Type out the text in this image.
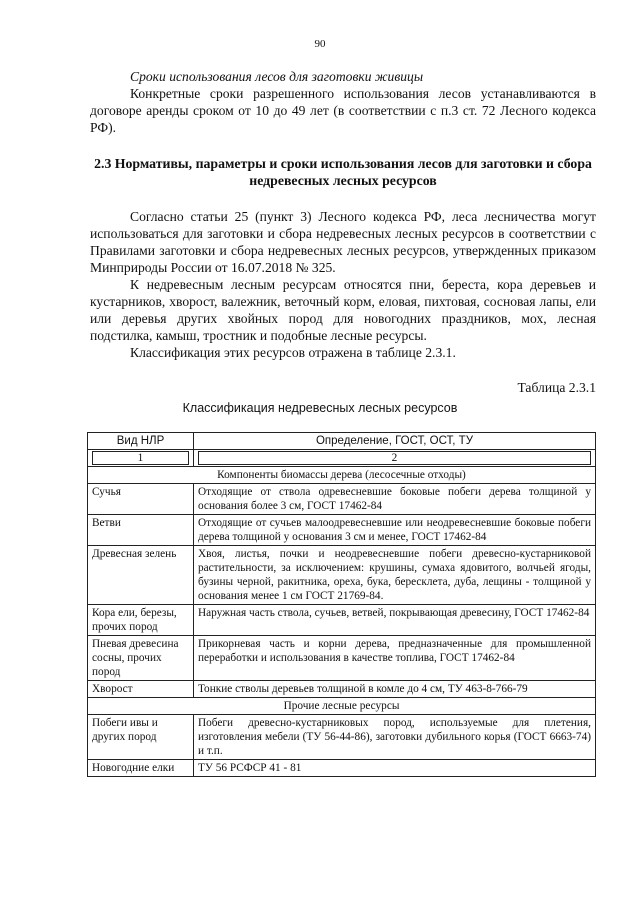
90

Сроки использования лесов для заготовки живицы

Конкретные сроки разрешенного использования лесов устанавливаются в договоре аренды сроком от 10 до 49 лет (в соответствии с п.3 ст. 72 Лесного кодекса РФ).

2.3 Нормативы, параметры и сроки использования лесов для заготовки и сбора недревесных лесных ресурсов

Согласно статьи 25 (пункт 3) Лесного кодекса РФ, леса лесничества могут использоваться для заготовки и сбора недревесных лесных ресурсов в соответствии с Правилами заготовки и сбора недревесных лесных ресурсов, утвержденных приказом Минприроды России от 16.07.2018 № 325.

К недревесным лесным ресурсам относятся пни, береста, кора деревьев и кустарников, хворост, валежник, веточный корм, еловая, пихтовая, сосновая лапы, ели или деревья других хвойных пород для новогодних праздников, мох, лесная подстилка, камыш, тростник и подобные лесные ресурсы.

Классификация этих ресурсов отражена в таблице 2.3.1.

Таблица 2.3.1
Классификация недревесных лесных ресурсов
Вид НЛР	Определение, ГОСТ, ОСТ, ТУ

1	2

Компоненты биомассы дерева (лесосечные отходы)	
Сучья	Отходящие от ствола одревесневшие боковые побеги дерева толщиной у основания более 3 см, ГОСТ 17462-84
Ветви	Отходящие от сучьев малоодревесневшие или неодревесневшие боковые побеги дерева толщиной у основания 3 см и менее, ГОСТ 17462-84
Древесная зелень	Хвоя, листья, почки и неодревесневшие побеги древесно-кустарниковой растительности, за исключением: крушины, сумаха ядовитого, волчьей ягоды, бузины черной, ракитника, ореха, бука, бересклета, дуба, лещины - толщиной у основания менее 1 см ГОСТ 21769-84.
Кора ели, березы, прочих пород	Наружная часть ствола, сучьев, ветвей, покрывающая древесину, ГОСТ 17462-84
Пневая древесина сосны, прочих пород	Прикорневая часть и корни дерева, предназначенные для промышленной переработки и использования в качестве топлива, ГОСТ 17462-84
Хворост	Тонкие стволы деревьев толщиной в комле до 4 см, ТУ 463-8-766-79
Прочие лесные ресурсы	
Побеги ивы и других пород	Побеги древесно-кустарниковых пород, используемые для плетения, изготовления мебели (ТУ 56-44-86), заготовки дубильного корья (ГОСТ 6663-74) и т.п.
Новогодние елки	ТУ 56 РСФСР 41 - 81
